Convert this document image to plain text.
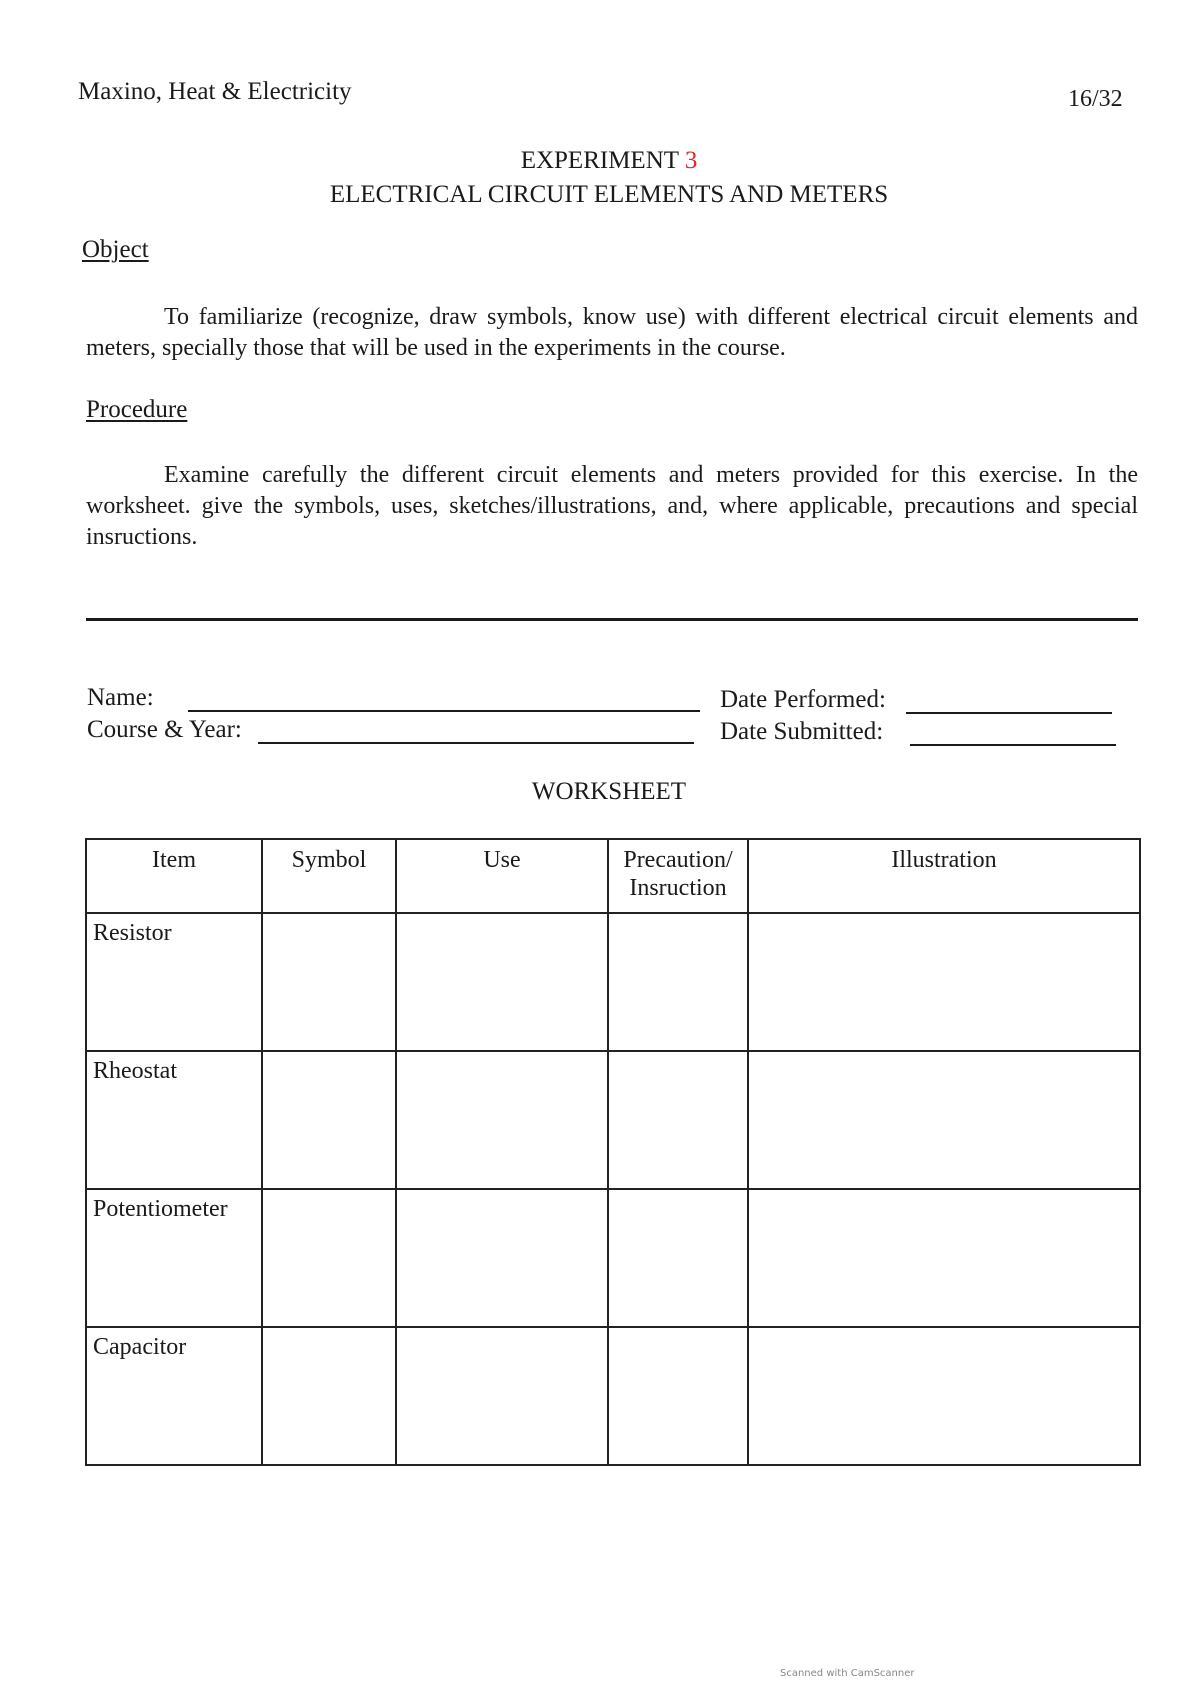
Maxino, Heat & Electricity	16/32
EXPERIMENT 3
ELECTRICAL CIRCUIT ELEMENTS AND METERS
Object
To familiarize (recognize, draw symbols, know use) with different electrical circuit elements and meters, specially those that will be used in the experiments in the course.
Procedure
Examine carefully the different circuit elements and meters provided for this exercise. In the worksheet. give the symbols, uses, sketches/illustrations, and, where applicable, precautions and special insructions.
Name:
Course & Year:
Date Performed:
Date Submitted:
WORKSHEET
Item	Symbol	Use	Precaution/ Insruction	Illustration
Resistor				
Rheostat				
Potentiometer				
Capacitor				
Scanned with CamScanner
